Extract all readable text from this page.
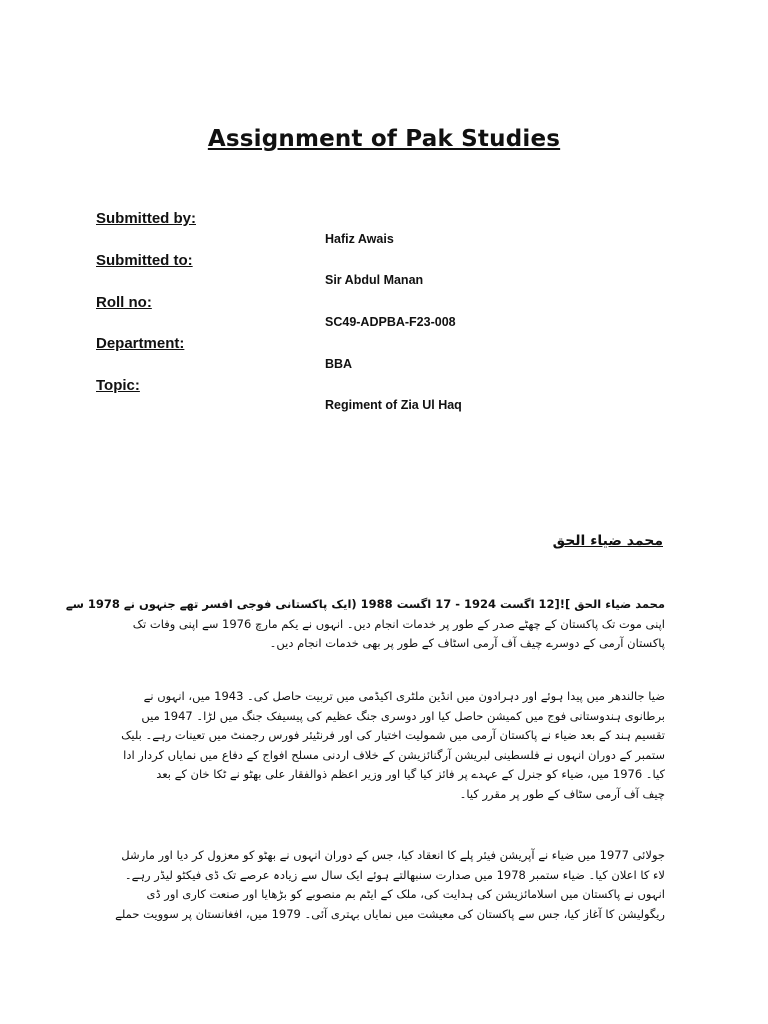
Assignment of Pak Studies
Submitted by:
Hafiz Awais
Submitted to:
Sir Abdul Manan
Roll no:
SC49-ADPBA-F23-008
Department:
BBA
Topic:
Regiment of Zia Ul Haq
محمد ضیاء الحق
محمد ضیاء الحق ]![12 اگست 1924 - 17 اگست 1988 (ایک پاکستانی فوجی افسر تھے جنہوں نے 1978 سے
اپنی موت تک پاکستان کے چھٹے صدر کے طور پر خدمات انجام دیں۔ انہوں نے یکم مارچ 1976 سے اپنی وفات تک
پاکستان آرمی کے دوسرے چیف آف آرمی اسٹاف کے طور پر بھی خدمات انجام دیں۔
ضیا جالندھر میں پیدا ہوئے اور دہرادون میں انڈین ملٹری اکیڈمی میں تربیت حاصل کی۔ 1943 میں، انہوں نے
برطانوی ہندوستانی فوج میں کمیشن حاصل کیا اور دوسری جنگ عظیم کی پیسیفک جنگ میں لڑا۔ 1947 میں
تقسیم ہند کے بعد ضیاء نے پاکستان آرمی میں شمولیت اختیار کی اور فرنٹیئر فورس رجمنٹ میں تعینات رہے۔ بلیک
ستمبر کے دوران انہوں نے فلسطینی لبریشن آرگنائزیشن کے خلاف اردنی مسلح افواج کے دفاع میں نمایاں کردار ادا
کیا۔ 1976 میں، ضیاء کو جنرل کے عہدے پر فائز کیا گیا اور وزیر اعظم ذوالفقار علی بھٹو نے ٹکا خان کے بعد
چیف آف آرمی سٹاف کے طور پر مقرر کیا۔
جولائی 1977 میں ضیاء نے آپریشن فیئر پلے کا انعقاد کیا، جس کے دوران انہوں نے بھٹو کو معزول کر دیا اور مارشل
لاء کا اعلان کیا۔ ضیاء ستمبر 1978 میں صدارت سنبھالتے ہوئے ایک سال سے زیادہ عرصے تک ڈی فیکٹو لیڈر رہے۔
انہوں نے پاکستان میں اسلامائزیشن کی ہدایت کی، ملک کے ایٹم بم منصوبے کو بڑھایا اور صنعت کاری اور ڈی
ریگولیشن کا آغاز کیا، جس سے پاکستان کی معیشت میں نمایاں بہتری آئی۔ 1979 میں، افغانستان پر سوویت حملے
